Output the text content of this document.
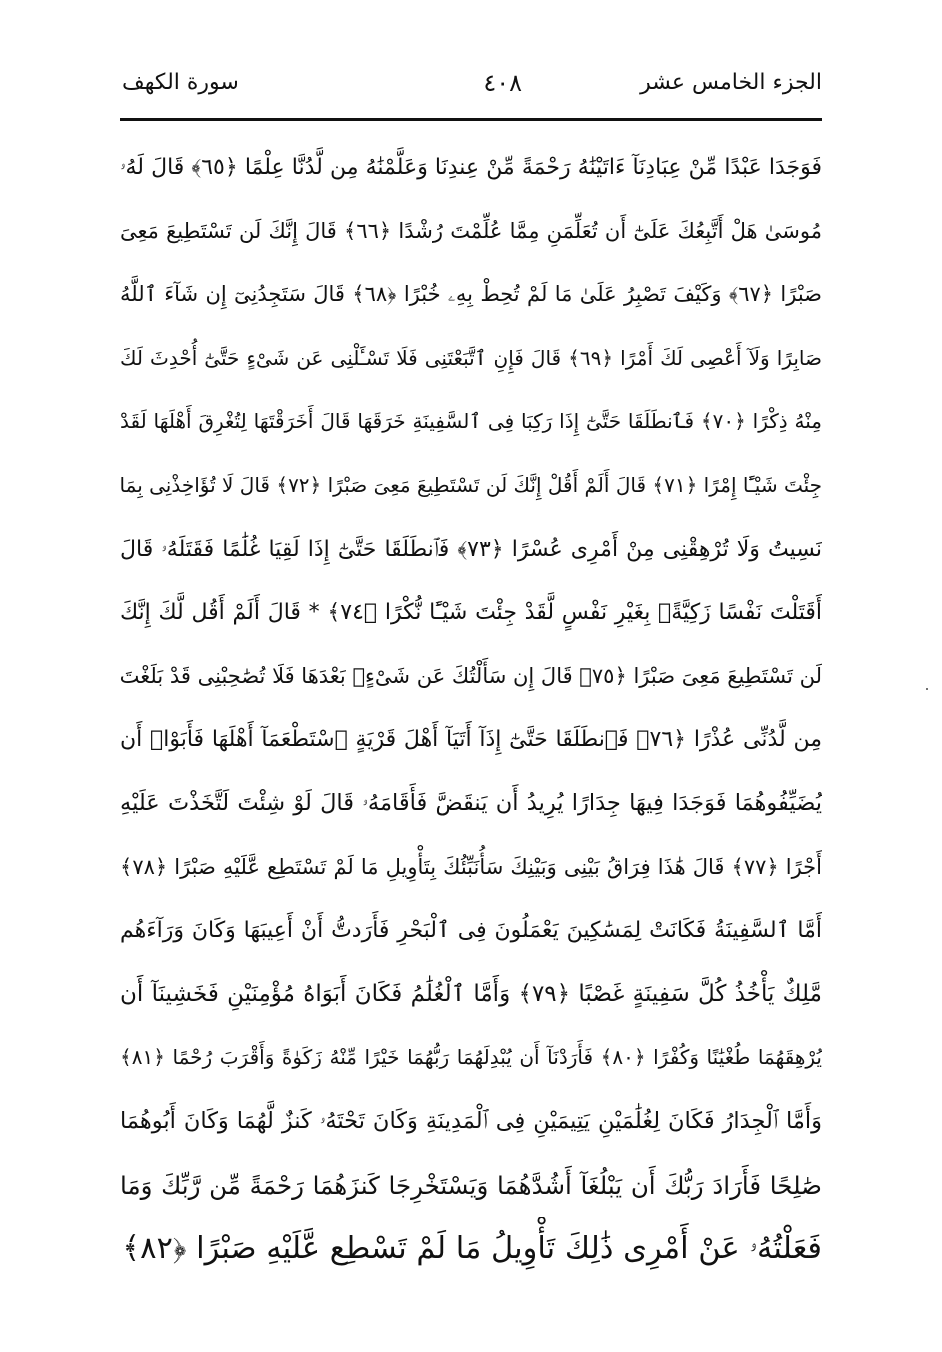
الجزء الخامس عشر
٤٠٨
سورة الكهف
فَوَجَدَا عَبْدًا مِّنْ عِبَادِنَآ ءَاتَيْنَٰهُ رَحْمَةً مِّنْ عِندِنَا وَعَلَّمْنَٰهُ مِن لَّدُنَّا عِلْمًا ﴿٦٥﴾ قَالَ لَهُۥ
مُوسَىٰ هَلْ أَتَّبِعُكَ عَلَىٰٓ أَن تُعَلِّمَنِ مِمَّا عُلِّمْتَ رُشْدًا ﴿٦٦﴾ قَالَ إِنَّكَ لَن تَسْتَطِيعَ مَعِىَ
صَبْرًا ﴿٦٧﴾ وَكَيْفَ تَصْبِرُ عَلَىٰ مَا لَمْ تُحِطْ بِهِۦ خُبْرًا ﴿٦٨﴾ قَالَ سَتَجِدُنِىٓ إِن شَآءَ ٱللَّهُ
صَابِرًا وَلَآ أَعْصِى لَكَ أَمْرًا ﴿٦٩﴾ قَالَ فَإِنِ ٱتَّبَعْتَنِى فَلَا تَسْـَٔلْنِى عَن شَىْءٍ حَتَّىٰٓ أُحْدِثَ لَكَ
مِنْهُ ذِكْرًا ﴿٧٠﴾ فَٱنطَلَقَا حَتَّىٰٓ إِذَا رَكِبَا فِى ٱلسَّفِينَةِ خَرَقَهَا قَالَ أَخَرَقْتَهَا لِتُغْرِقَ أَهْلَهَا لَقَدْ
جِئْتَ شَيْـًٔا إِمْرًا ﴿٧١﴾ قَالَ أَلَمْ أَقُلْ إِنَّكَ لَن تَسْتَطِيعَ مَعِىَ صَبْرًا ﴿٧٢﴾ قَالَ لَا تُؤَاخِذْنِى بِمَا
نَسِيتُ وَلَا تُرْهِقْنِى مِنْ أَمْرِى عُسْرًا ﴿٧٣﴾ فَٱنطَلَقَا حَتَّىٰٓ إِذَا لَقِيَا غُلَٰمًا فَقَتَلَهُۥ قَالَ
أَقَتَلْتَ نَفْسًا زَكِيَّةًۢ بِغَيْرِ نَفْسٍ لَّقَدْ جِئْتَ شَيْـًٔا نُّكْرًا ﴿٧٤﴾ * قَالَ أَلَمْ أَقُل لَّكَ إِنَّكَ
لَن تَسْتَطِيعَ مَعِىَ صَبْرًا ﴿٧٥﴾ قَالَ إِن سَأَلْتُكَ عَن شَىْءٍۭ بَعْدَهَا فَلَا تُصَٰحِبْنِى قَدْ بَلَغْتَ
مِن لَّدُنِّى عُذْرًا ﴿٧٦﴾ فَٱنطَلَقَا حَتَّىٰٓ إِذَآ أَتَيَآ أَهْلَ قَرْيَةٍ ٱسْتَطْعَمَآ أَهْلَهَا فَأَبَوْا۟ أَن
يُضَيِّفُوهُمَا فَوَجَدَا فِيهَا جِدَارًا يُرِيدُ أَن يَنقَضَّ فَأَقَامَهُۥ قَالَ لَوْ شِئْتَ لَتَّخَذْتَ عَلَيْهِ
أَجْرًا ﴿٧٧﴾ قَالَ هَٰذَا فِرَاقُ بَيْنِى وَبَيْنِكَ سَأُنَبِّئُكَ بِتَأْوِيلِ مَا لَمْ تَسْتَطِع عَّلَيْهِ صَبْرًا ﴿٧٨﴾
أَمَّا ٱلسَّفِينَةُ فَكَانَتْ لِمَسَٰكِينَ يَعْمَلُونَ فِى ٱلْبَحْرِ فَأَرَدتُّ أَنْ أَعِيبَهَا وَكَانَ وَرَآءَهُم
مَّلِكٌ يَأْخُذُ كُلَّ سَفِينَةٍ غَصْبًا ﴿٧٩﴾ وَأَمَّا ٱلْغُلَٰمُ فَكَانَ أَبَوَاهُ مُؤْمِنَيْنِ فَخَشِينَآ أَن
يُرْهِقَهُمَا طُغْيَٰنًا وَكُفْرًا ﴿٨٠﴾ فَأَرَدْنَآ أَن يُبْدِلَهُمَا رَبُّهُمَا خَيْرًا مِّنْهُ زَكَوٰةً وَأَقْرَبَ رُحْمًا ﴿٨١﴾
وَأَمَّا ٱلْجِدَارُ فَكَانَ لِغُلَٰمَيْنِ يَتِيمَيْنِ فِى ٱلْمَدِينَةِ وَكَانَ تَحْتَهُۥ كَنزٌ لَّهُمَا وَكَانَ أَبُوهُمَا
صَٰلِحًا فَأَرَادَ رَبُّكَ أَن يَبْلُغَآ أَشُدَّهُمَا وَيَسْتَخْرِجَا كَنزَهُمَا رَحْمَةً مِّن رَّبِّكَ وَمَا
فَعَلْتُهُۥ عَنْ أَمْرِى ذَٰلِكَ تَأْوِيلُ مَا لَمْ تَسْطِع عَّلَيْهِ صَبْرًا ﴿٨٢﴾
